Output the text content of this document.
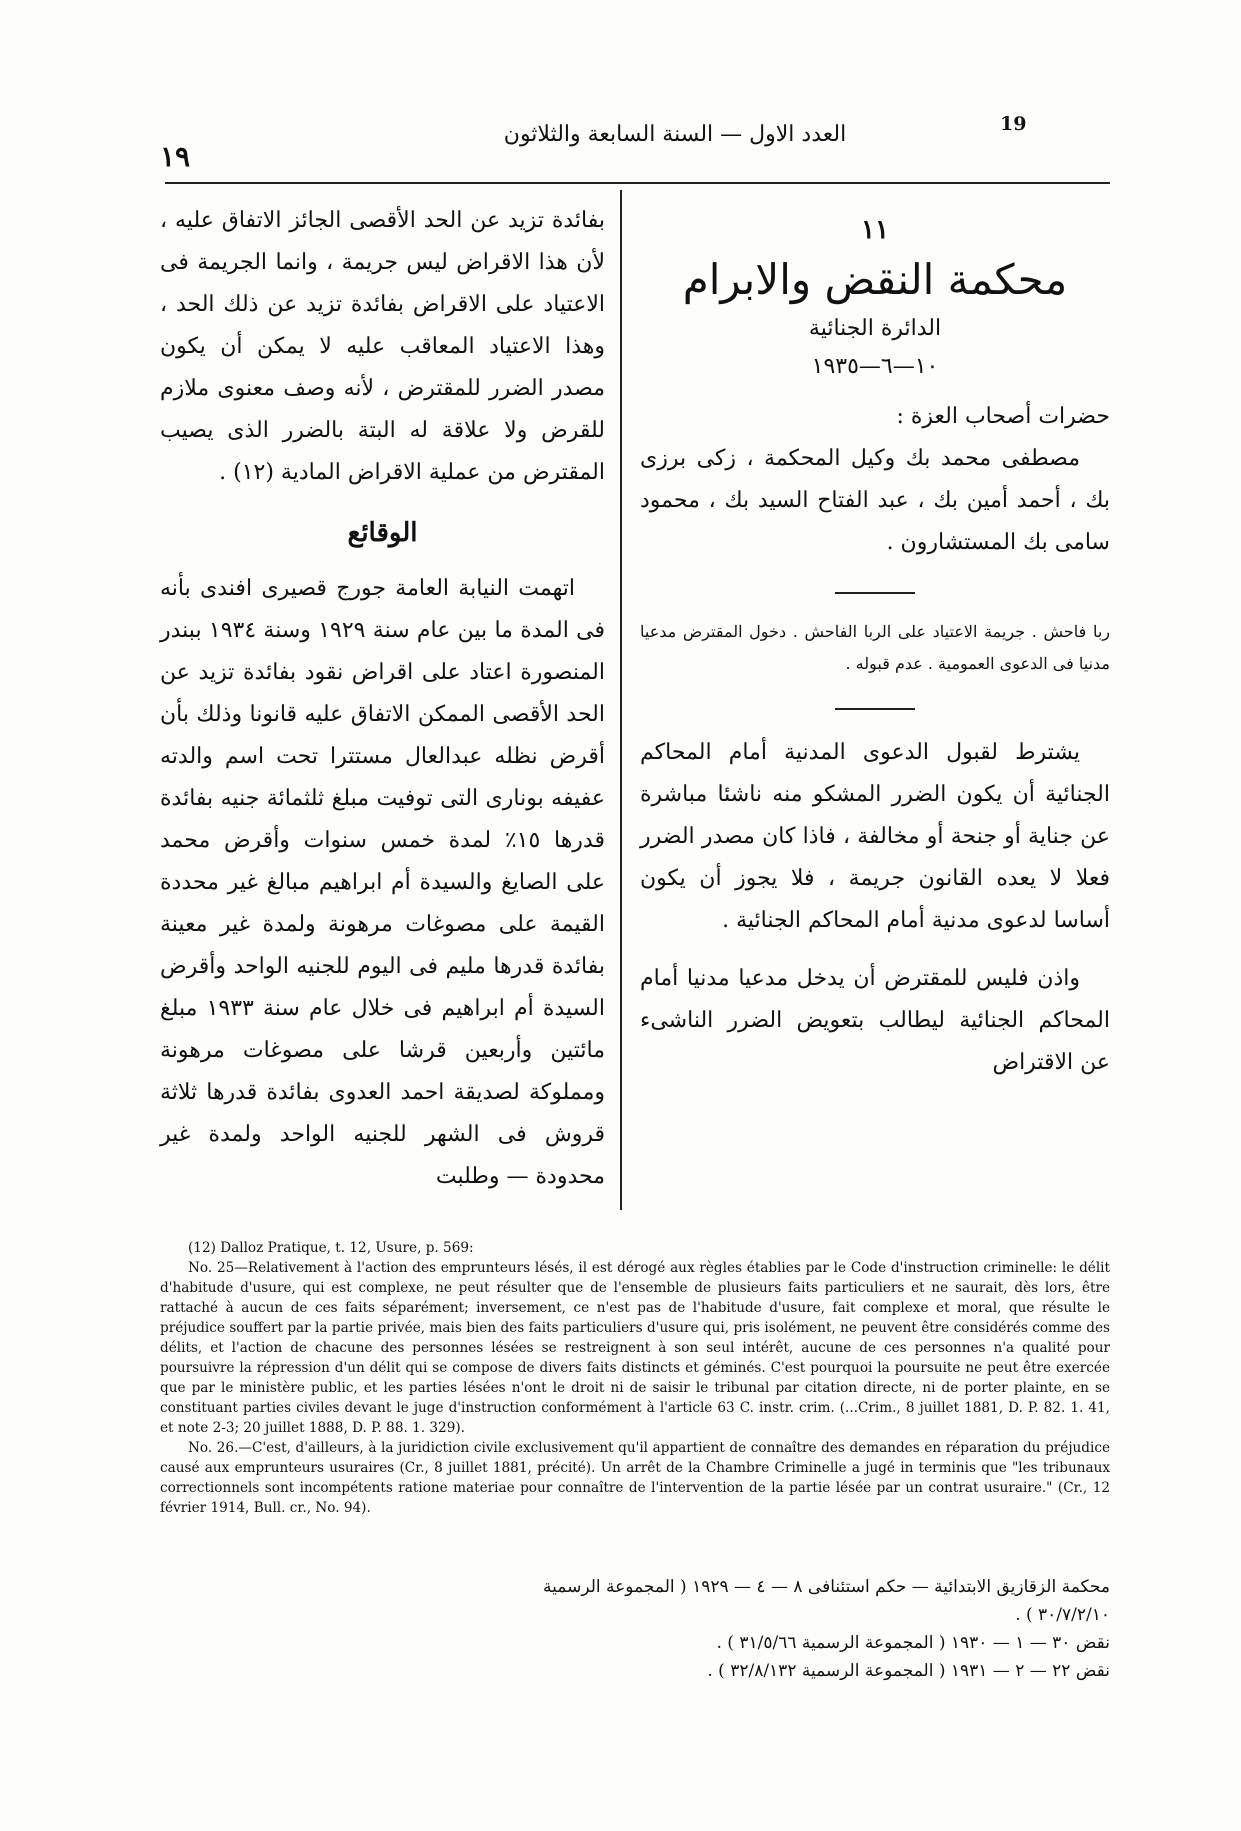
19
العدد الاول — السنة السابعة والثلاثون
١٩
١١
محكمة النقض والابرام
الدائرة الجنائية
١٠—٦—١٩٣٥
حضرات أصحاب العزة :
مصطفى محمد بك وكيل المحكمة ، زكى برزى بك ، أحمد أمين بك ، عبد الفتاح السيد بك ، محمود سامى بك المستشارون .
ربا فاحش . جريمة الاعتياد على الربا الفاحش . دخول المقترض مدعيا مدنيا فى الدعوى العمومية . عدم قبوله .
يشترط لقبول الدعوى المدنية أمام المحاكم الجنائية أن يكون الضرر المشكو منه ناشئا مباشرة عن جناية أو جنحة أو مخالفة ، فاذا كان مصدر الضرر فعلا لا يعده القانون جريمة ، فلا يجوز أن يكون أساسا لدعوى مدنية أمام المحاكم الجنائية .
واذن فليس للمقترض أن يدخل مدعيا مدنيا أمام المحاكم الجنائية ليطالب بتعويض الضرر الناشىء عن الاقتراض
بفائدة تزيد عن الحد الأقصى الجائز الاتفاق عليه ، لأن هذا الاقراض ليس جريمة ، وانما الجريمة فى الاعتياد على الاقراض بفائدة تزيد عن ذلك الحد ، وهذا الاعتياد المعاقب عليه لا يمكن أن يكون مصدر الضرر للمقترض ، لأنه وصف معنوى ملازم للقرض ولا علاقة له البتة بالضرر الذى يصيب المقترض من عملية الاقراض المادية (١٢) .
الوقائع
اتهمت النيابة العامة جورج قصيرى افندى بأنه فى المدة ما بين عام سنة ١٩٢٩ وسنة ١٩٣٤ ببندر المنصورة اعتاد على اقراض نقود بفائدة تزيد عن الحد الأقصى الممكن الاتفاق عليه قانونا وذلك بأن أقرض نظله عبدالعال مستترا تحت اسم والدته عفيفه بونارى التى توفيت مبلغ ثلثمائة جنيه بفائدة قدرها ١٥٪ لمدة خمس سنوات وأقرض محمد على الصايغ والسيدة أم ابراهيم مبالغ غير محددة القيمة على مصوغات مرهونة ولمدة غير معينة بفائدة قدرها مليم فى اليوم للجنيه الواحد وأقرض السيدة أم ابراهيم فى خلال عام سنة ١٩٣٣ مبلغ مائتين وأربعين قرشا على مصوغات مرهونة ومملوكة لصديقة احمد العدوى بفائدة قدرها ثلاثة قروش فى الشهر للجنيه الواحد ولمدة غير محدودة — وطلبت

(12) Dalloz Pratique, t. 12, Usure, p. 569:

No. 25—Relativement à l'action des emprunteurs lésés, il est dérogé aux règles établies par le Code d'instruction criminelle: le délit d'habitude d'usure, qui est complexe, ne peut résulter que de l'ensemble de plusieurs faits particuliers et ne saurait, dès lors, être rattaché à aucun de ces faits séparément; inversement, ce n'est pas de l'habitude d'usure, fait complexe et moral, que résulte le préjudice souffert par la partie privée, mais bien des faits particuliers d'usure qui, pris isolément, ne peuvent être considérés comme des délits, et l'action de chacune des personnes lésées se restreignent à son seul intérêt, aucune de ces personnes n'a qualité pour poursuivre la répression d'un délit qui se compose de divers faits distincts et géminés. C'est pourquoi la poursuite ne peut être exercée que par le ministère public, et les parties lésées n'ont le droit ni de saisir le tribunal par citation directe, ni de porter plainte, en se constituant parties civiles devant le juge d'instruction conformément à l'article 63 C. instr. crim. (...Crim., 8 juillet 1881, D. P. 82. 1. 41, et note 2-3; 20 juillet 1888, D. P. 88. 1. 329).

No. 26.—C'est, d'ailleurs, à la juridiction civile exclusivement qu'il appartient de connaître des demandes en réparation du préjudice causé aux emprunteurs usuraires (Cr., 8 juillet 1881, précité). Un arrêt de la Chambre Criminelle a jugé in terminis que "les tribunaux correctionnels sont incompétents ratione materiae pour connaître de l'intervention de la partie lésée par un contrat usuraire." (Cr., 12 février 1914, Bull. cr., No. 94).

محكمة الزقازيق الابتدائية — حكم استئنافى ٨ — ٤ — ١٩٢٩ ( المجموعة الرسمية ٣٠/٧/٢/١٠ ) .

نقض ٣٠ — ١ — ١٩٣٠ ( المجموعة الرسمية ٣١/٥/٦٦ ) .

نقض ٢٢ — ٢ — ١٩٣١ ( المجموعة الرسمية ٣٢/٨/١٣٢ ) .
